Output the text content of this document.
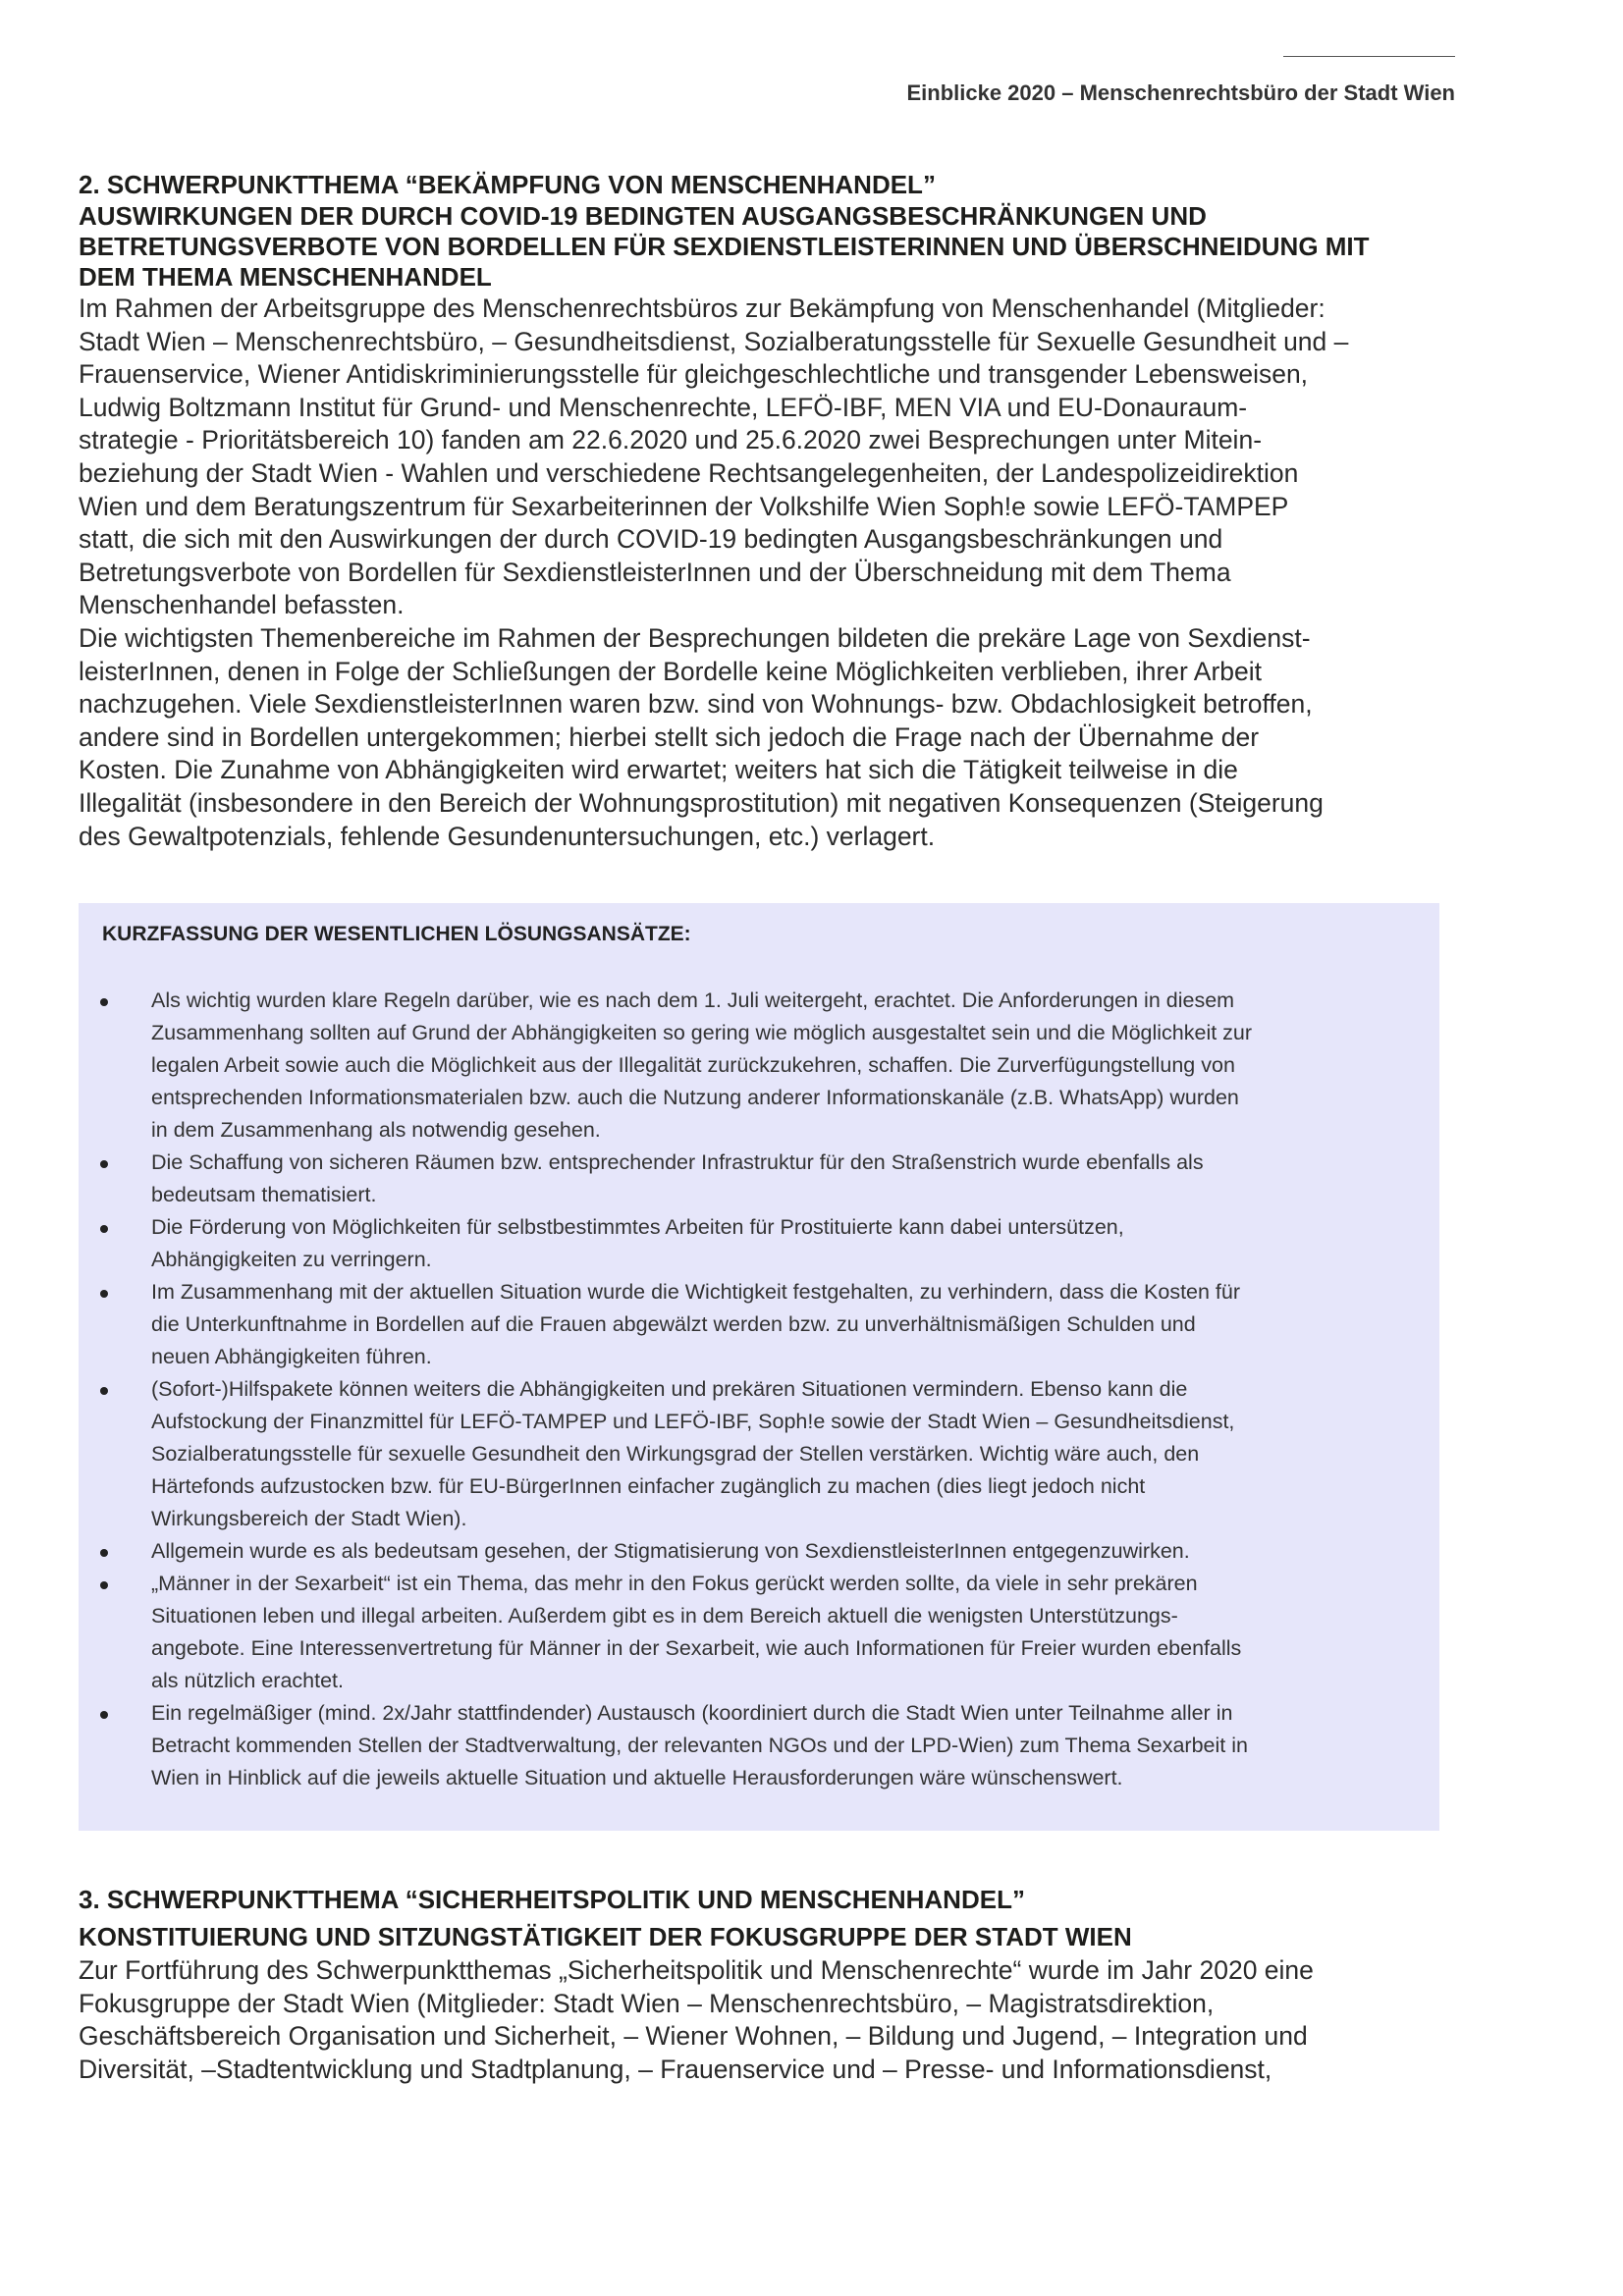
Einblicke 2020 – Menschenrechtsbüro der Stadt Wien
2. SCHWERPUNKTTHEMA “BEKÄMPFUNG VON MENSCHENHANDEL”
AUSWIRKUNGEN DER DURCH COVID-19 BEDINGTEN AUSGANGSBESCHRÄNKUNGEN UND
BETRETUNGSVERBOTE VON BORDELLEN FÜR SEXDIENSTLEISTERINNEN UND ÜBERSCHNEIDUNG MIT
DEM THEMA MENSCHENHANDEL
Im Rahmen der Arbeitsgruppe des Menschenrechtsbüros zur Bekämpfung von Menschenhandel (Mitglieder:
Stadt Wien – Menschenrechtsbüro, – Gesundheitsdienst, Sozialberatungsstelle für Sexuelle Gesundheit und –
Frauenservice, Wiener Antidiskriminierungsstelle für gleichgeschlechtliche und transgender Lebensweisen,
Ludwig Boltzmann Institut für Grund- und Menschenrechte, LEFÖ-IBF, MEN VIA und EU-Donauraum-
strategie - Prioritätsbereich 10) fanden am 22.6.2020 und 25.6.2020 zwei Besprechungen unter Mitein-
beziehung der Stadt Wien - Wahlen und verschiedene Rechtsangelegenheiten, der Landespolizeidirektion
Wien und dem Beratungszentrum für Sexarbeiterinnen der Volkshilfe Wien Soph!e sowie LEFÖ-TAMPEP
statt, die sich mit den Auswirkungen der durch COVID-19 bedingten Ausgangsbeschränkungen und
Betretungsverbote von Bordellen für SexdienstleisterInnen und der Überschneidung mit dem Thema
Menschenhandel befassten.
Die wichtigsten Themenbereiche im Rahmen der Besprechungen bildeten die prekäre Lage von Sexdienst-
leisterInnen, denen in Folge der Schließungen der Bordelle keine Möglichkeiten verblieben, ihrer Arbeit
nachzugehen. Viele SexdienstleisterInnen waren bzw. sind von Wohnungs- bzw. Obdachlosigkeit betroffen,
andere sind in Bordellen untergekommen; hierbei stellt sich jedoch die Frage nach der Übernahme der
Kosten. Die Zunahme von Abhängigkeiten wird erwartet; weiters hat sich die Tätigkeit teilweise in die
Illegalität (insbesondere in den Bereich der Wohnungsprostitution) mit negativen Konsequenzen (Steigerung
des Gewaltpotenzials, fehlende Gesundenuntersuchungen, etc.) verlagert.
KURZFASSUNG DER WESENTLICHEN LÖSUNGSANSÄTZE:
Als wichtig wurden klare Regeln darüber, wie es nach dem 1. Juli weitergeht, erachtet. Die Anforderungen in diesem
Zusammenhang sollten auf Grund der Abhängigkeiten so gering wie möglich ausgestaltet sein und die Möglichkeit zur
legalen Arbeit sowie auch die Möglichkeit aus der Illegalität zurückzukehren, schaffen. Die Zurverfügungstellung von
entsprechenden Informationsmaterialen bzw. auch die Nutzung anderer Informationskanäle (z.B. WhatsApp) wurden
in dem Zusammenhang als notwendig gesehen.
Die Schaffung von sicheren Räumen bzw. entsprechender Infrastruktur für den Straßenstrich wurde ebenfalls als
bedeutsam thematisiert.
Die Förderung von Möglichkeiten für selbstbestimmtes Arbeiten für Prostituierte kann dabei untersützen,
Abhängigkeiten zu verringern.
Im Zusammenhang mit der aktuellen Situation wurde die Wichtigkeit festgehalten, zu verhindern, dass die Kosten für
die Unterkunftnahme in Bordellen auf die Frauen abgewälzt werden bzw. zu unverhältnismäßigen Schulden und
neuen Abhängigkeiten führen.
(Sofort-)Hilfspakete können weiters die Abhängigkeiten und prekären Situationen vermindern. Ebenso kann die
Aufstockung der Finanzmittel für LEFÖ-TAMPEP und LEFÖ-IBF, Soph!e sowie der Stadt Wien – Gesundheitsdienst,
Sozialberatungsstelle für sexuelle Gesundheit den Wirkungsgrad der Stellen verstärken. Wichtig wäre auch, den
Härtefonds aufzustocken bzw. für EU-BürgerInnen einfacher zugänglich zu machen (dies liegt jedoch nicht
Wirkungsbereich der Stadt Wien).
Allgemein wurde es als bedeutsam gesehen, der Stigmatisierung von SexdienstleisterInnen entgegenzuwirken.
„Männer in der Sexarbeit“ ist ein Thema, das mehr in den Fokus gerückt werden sollte, da viele in sehr prekären
Situationen leben und illegal arbeiten. Außerdem gibt es in dem Bereich aktuell die wenigsten Unterstützungs-
angebote. Eine Interessenvertretung für Männer in der Sexarbeit, wie auch Informationen für Freier wurden ebenfalls
als nützlich erachtet.
Ein regelmäßiger (mind. 2x/Jahr stattfindender) Austausch (koordiniert durch die Stadt Wien unter Teilnahme aller in
Betracht kommenden Stellen der Stadtverwaltung, der relevanten NGOs und der LPD-Wien) zum Thema Sexarbeit in
Wien in Hinblick auf die jeweils aktuelle Situation und aktuelle Herausforderungen wäre wünschenswert.
3. SCHWERPUNKTTHEMA “SICHERHEITSPOLITIK UND MENSCHENHANDEL”
KONSTITUIERUNG UND SITZUNGSTÄTIGKEIT DER FOKUSGRUPPE DER STADT WIEN
Zur Fortführung des Schwerpunktthemas „Sicherheitspolitik und Menschenrechte“ wurde im Jahr 2020 eine
Fokusgruppe der Stadt Wien (Mitglieder: Stadt Wien – Menschenrechtsbüro, – Magistratsdirektion,
Geschäftsbereich Organisation und Sicherheit, – Wiener Wohnen, – Bildung und Jugend, – Integration und
Diversität, –Stadtentwicklung und Stadtplanung, – Frauenservice und – Presse- und Informationsdienst,
